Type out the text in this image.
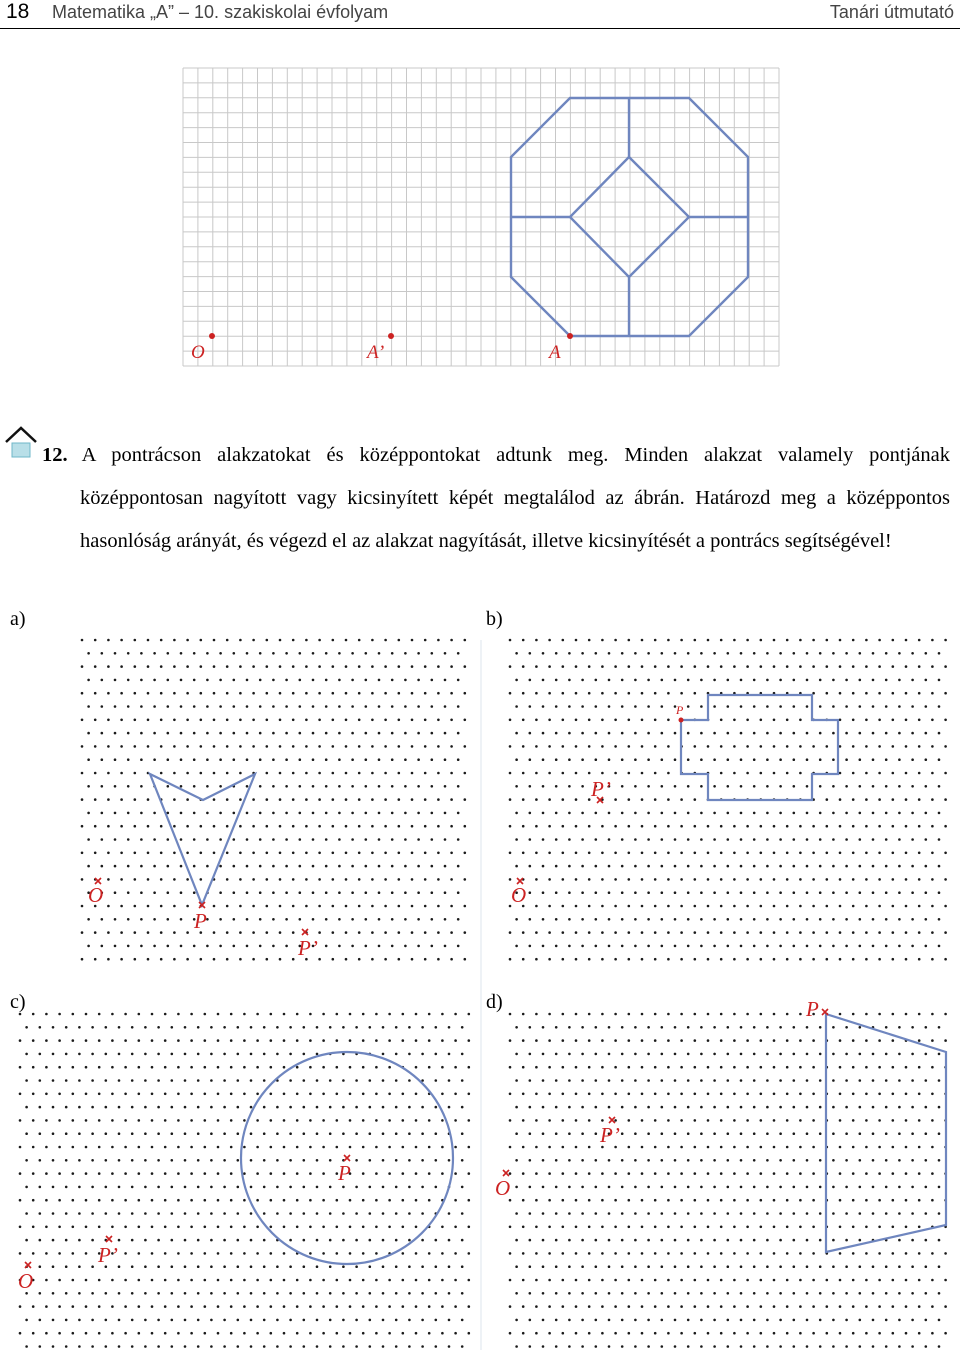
18 Matematika „A” – 10. szakiskolai évfolyam	Tanári útmutató
O	A’	A
a)	b)
c)	d)
O
P
P’
O
P
P’
P
P’
O
P
P’
O
12. A pontrácson alakzatokat és középpontokat adtunk meg. Minden alakzat valamely pontjának középpontosan nagyított vagy kicsinyített képét megtalálod az ábrán. Határozd meg a középpontos hasonlóság arányát, és végezd el az alakzat nagyítását, illetve kicsinyítését a pontrács segítségével!
